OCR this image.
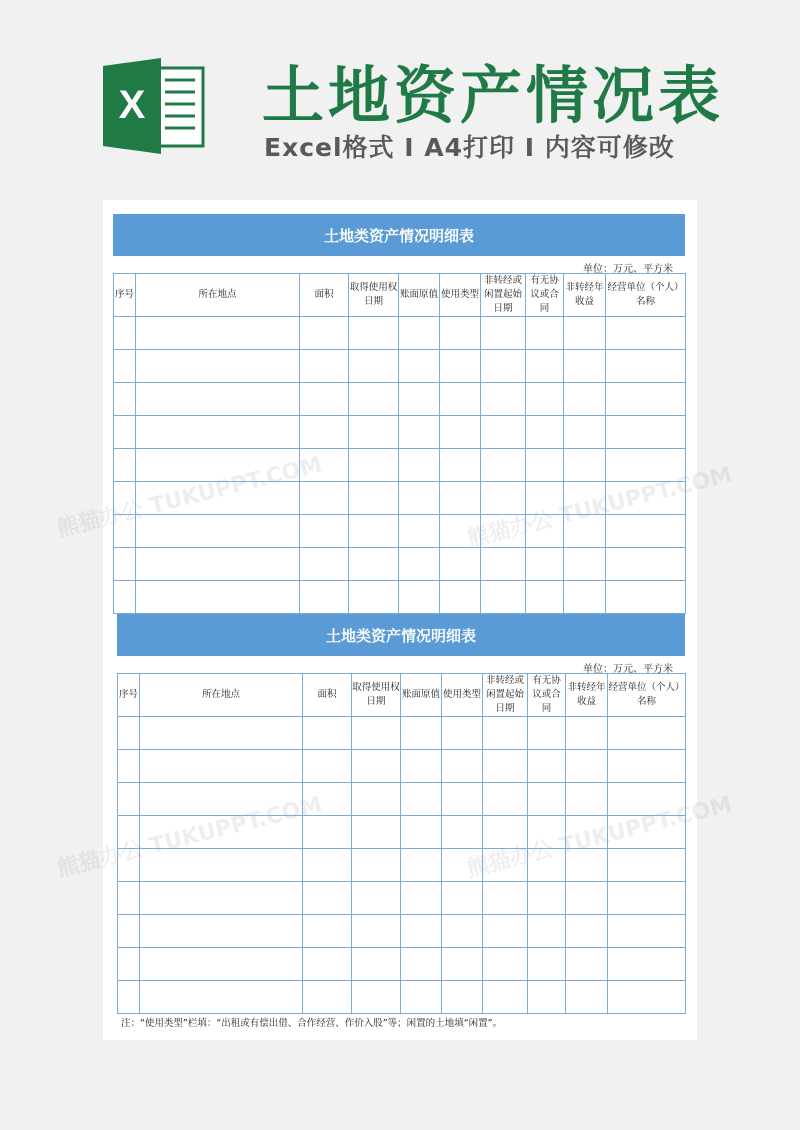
X 土地资产情况表
Excel格式 I A4打印 I 内容可修改
熊猫办公 TUKUPPT.COM	熊猫办公 TUKUPPT.COM
熊猫办公 TUKUPPT.COM	熊猫办公 TUKUPPT.COM
土地类资产情况明细表
单位：万元、平方米
序号	所在地点	面积	取得使用权日期	账面原值	使用类型	非转经或闲置起始日期	有无协议或合同	非转经年收益	经营单位（个人）名称

土地类资产情况明细表
单位：万元、平方米
序号	所在地点	面积	取得使用权日期	账面原值	使用类型	非转经或闲置起始日期	有无协议或合同	非转经年收益	经营单位（个人）名称

注：“使用类型”栏填：“出租或有偿出借、合作经营、作价入股”等；闲置的土地填“闲置”。
